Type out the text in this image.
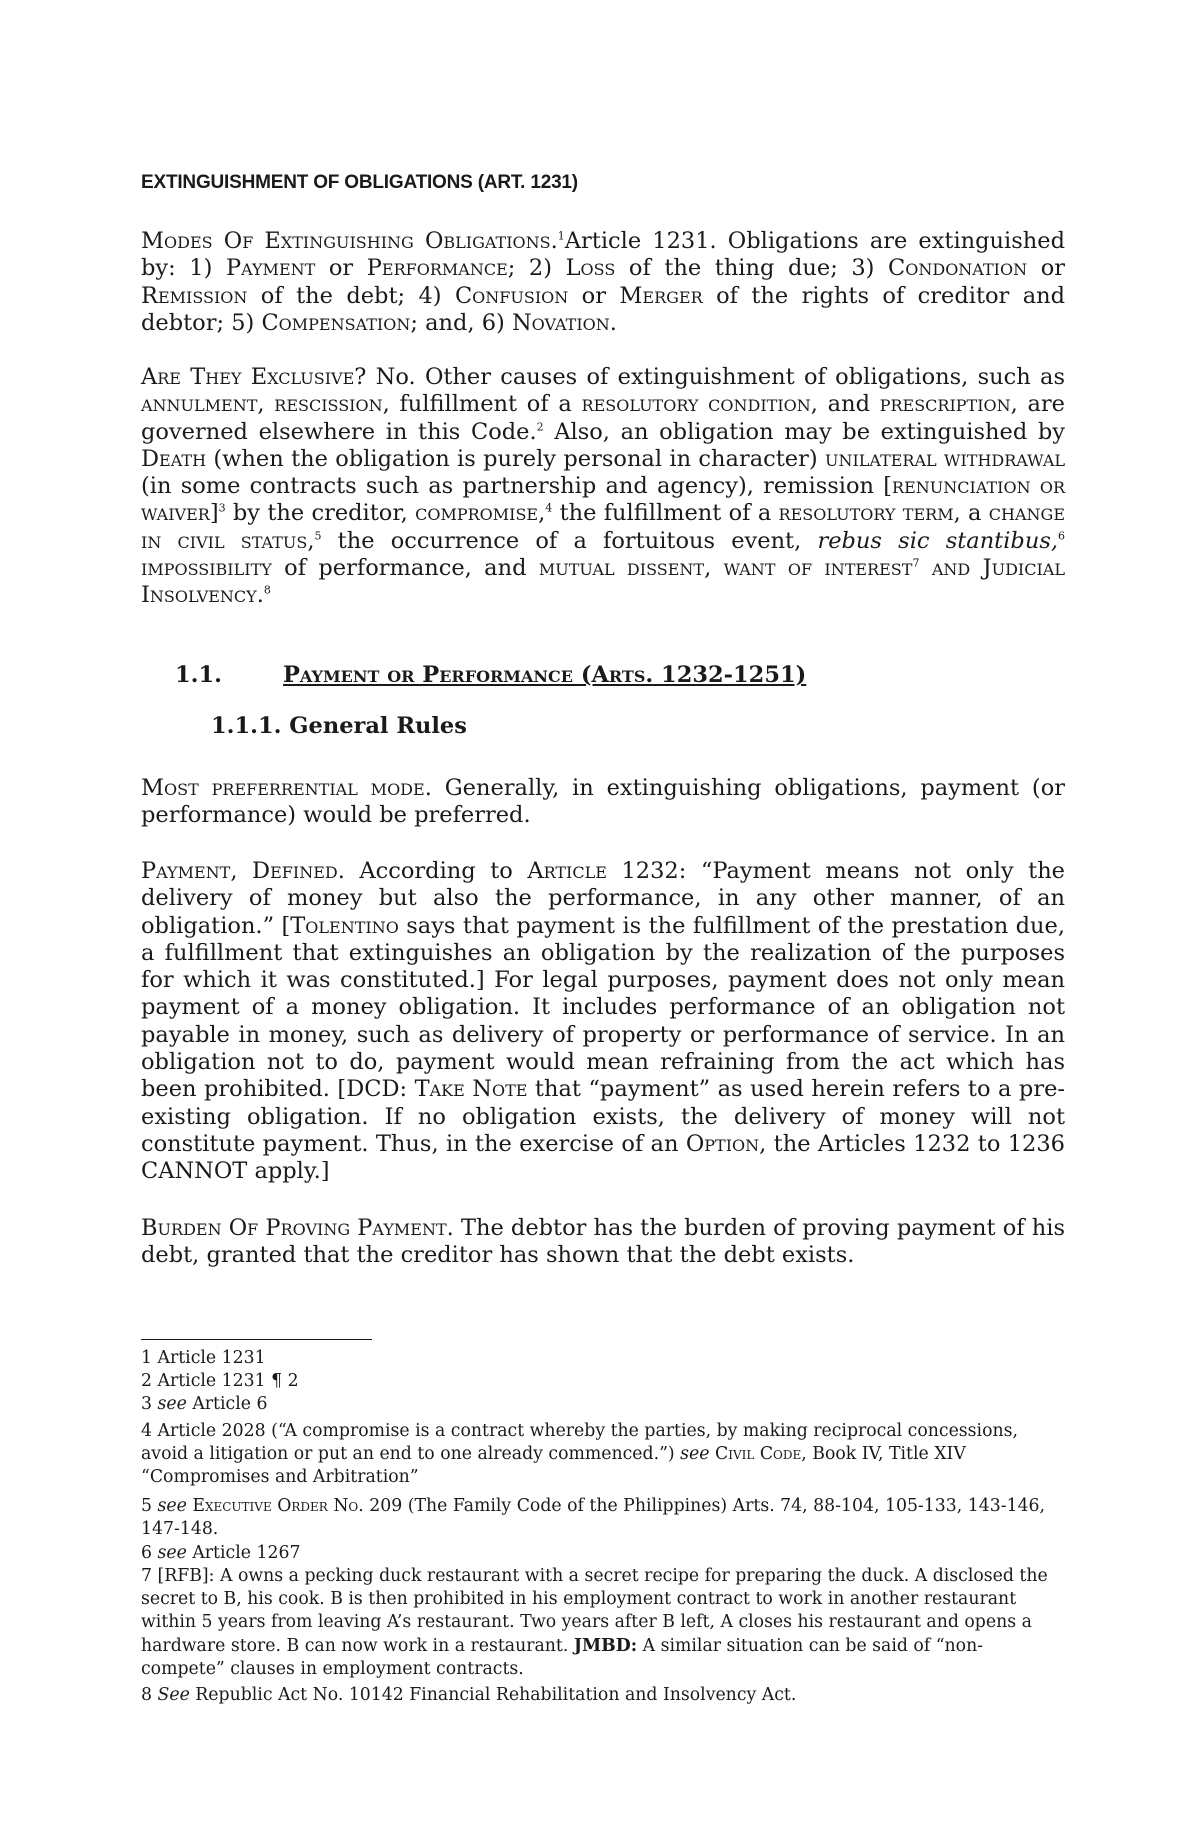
EXTINGUISHMENT OF OBLIGATIONS (ART. 1231)

Modes Of Extinguishing Obligations.$^1$Article 1231. Obligations are extinguished by: 1) Payment or Performance; 2) Loss of the thing due; 3) Condonation or Remission of the debt; 4) Confusion or Merger of the rights of creditor and debtor; 5) Compensation; and, 6) Novation.

Are They Exclusive? No. Other causes of extinguishment of obligations, such as annulment, rescission, fulfillment of a resolutory condition, and prescription, are governed elsewhere in this Code.$^2$ Also, an obligation may be extinguished by Death (when the obligation is purely personal in character) unilateral withdrawal (in some contracts such as partnership and agency), remission [renunciation or waiver]$^3$ by the creditor, compromise,$^4$ the fulfillment of a resolutory term, a change in civil status,$^5$ the occurrence of a fortuitous event, rebus sic stantibus,$^6$ impossibility of performance, and mutual dissent, want of interest$^7$ and Judicial Insolvency.$^8$

1.1.	Payment or Performance (Arts. 1232-1251)
1.1.1. General Rules

Most preferrential mode. Generally, in extinguishing obligations, payment (or performance) would be preferred.

Payment, Defined. According to Article 1232: “Payment means not only the delivery of money but also the performance, in any other manner, of an obligation.” [Tolentino says that payment is the fulfillment of the prestation due, a fulfillment that extinguishes an obligation by the realization of the purposes for which it was constituted.] For legal purposes, payment does not only mean payment of a money obligation. It includes performance of an obligation not payable in money, such as delivery of property or performance of service. In an obligation not to do, payment would mean refraining from the act which has been prohibited. [DCD: Take Note that “payment” as used herein refers to a pre-existing obligation. If no obligation exists, the delivery of money will not constitute payment. Thus, in the exercise of an Option, the Articles 1232 to 1236 CANNOT apply.]

Burden Of Proving Payment. The debtor has the burden of proving payment of his debt, granted that the creditor has shown that the debt exists.

1 Article 1231

2 Article 1231 ¶ 2

3 see Article 6

4 Article 2028 (“A compromise is a contract whereby the parties, by making reciprocal concessions, avoid a litigation or put an end to one already commenced.”) see Civil Code, Book IV, Title XIV “Compromises and Arbitration”

5 see Executive Order No. 209 (The Family Code of the Philippines) Arts. 74, 88-104, 105-133, 143-146, 147-148.

6 see Article 1267

7 [RFB]: A owns a pecking duck restaurant with a secret recipe for preparing the duck. A disclosed the secret to B, his cook. B is then prohibited in his employment contract to work in another restaurant within 5 years from leaving A’s restaurant. Two years after B left, A closes his restaurant and opens a hardware store. B can now work in a restaurant. JMBD: A similar situation can be said of “non-compete” clauses in employment contracts.

8 See Republic Act No. 10142 Financial Rehabilitation and Insolvency Act.
